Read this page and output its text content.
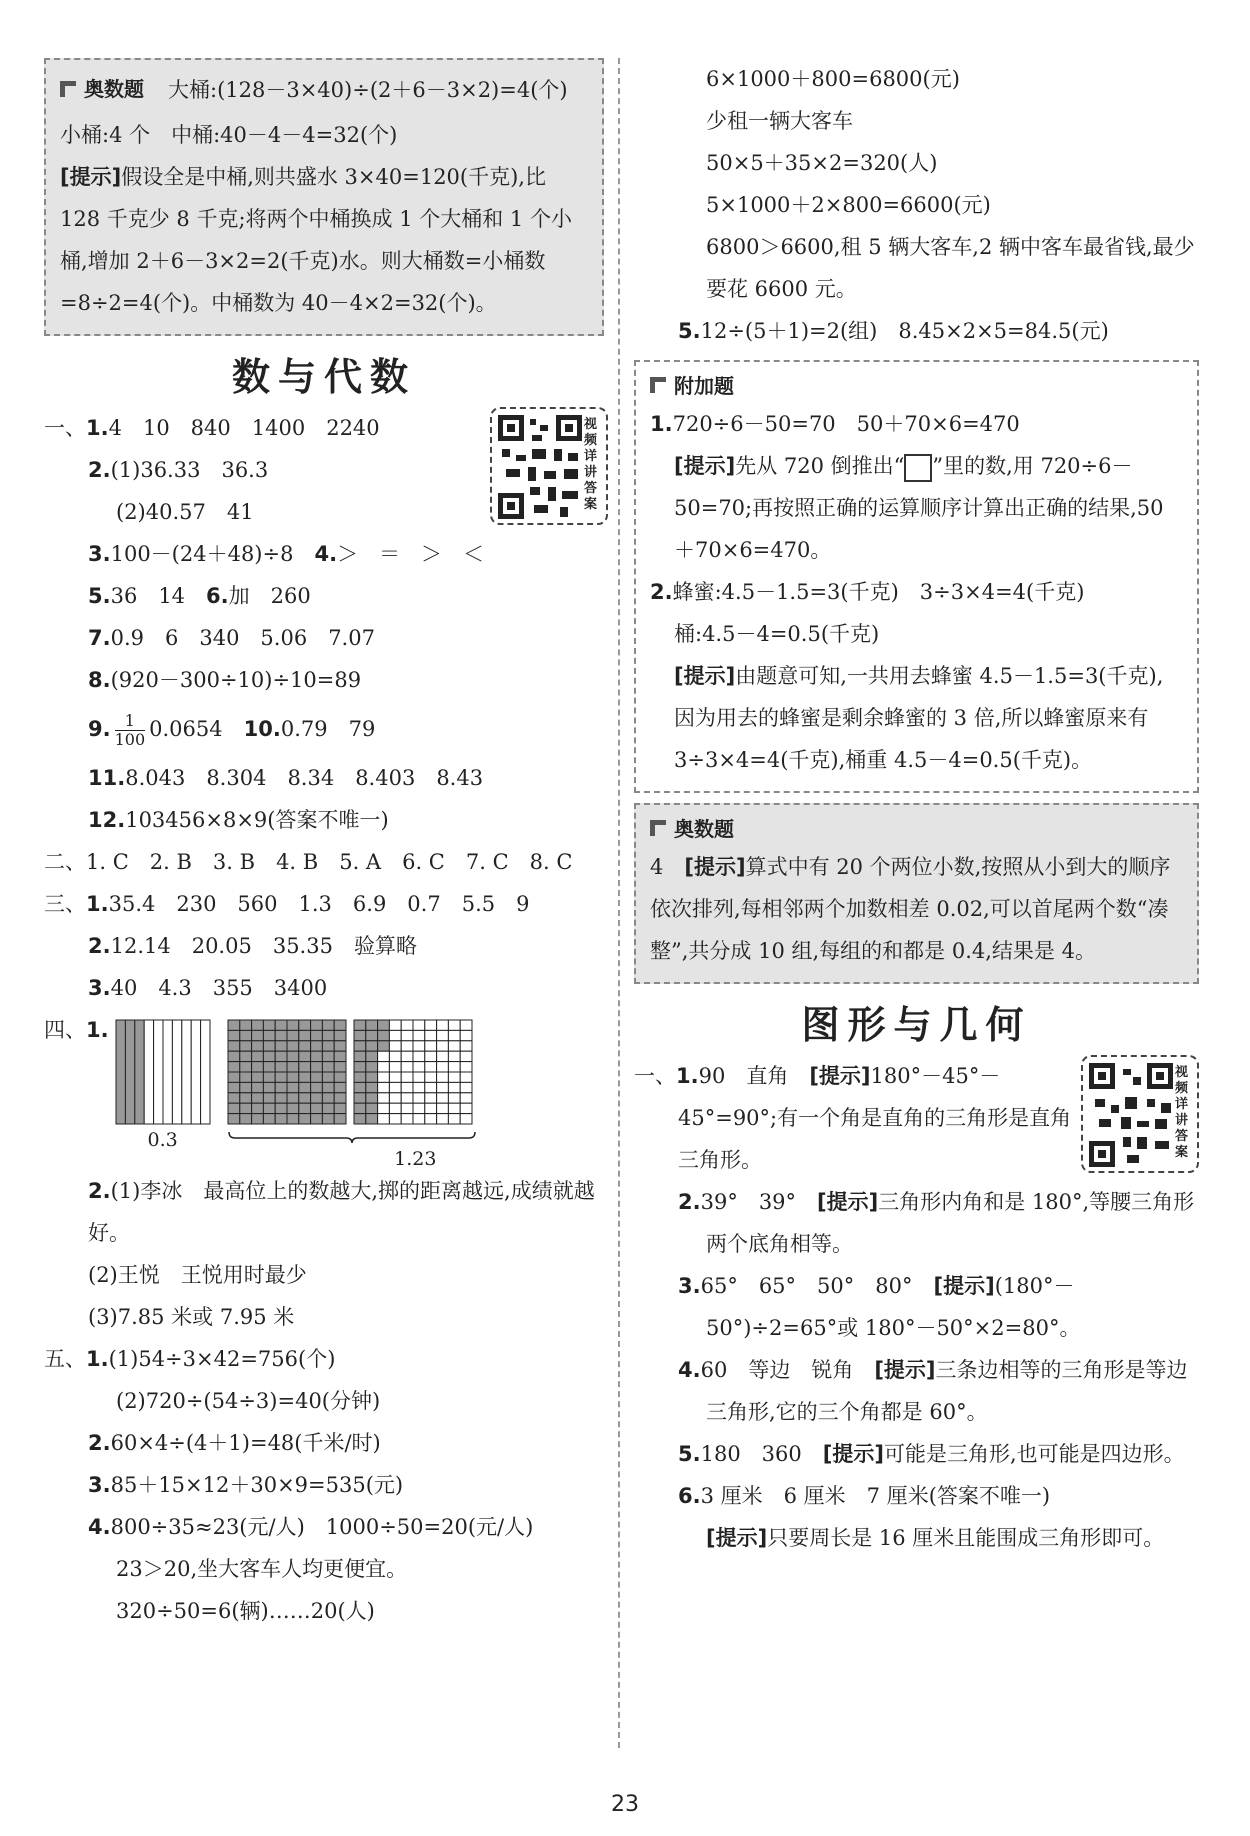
奥数题 大桶:(128－3×40)÷(2＋6－3×2)=4(个)

小桶:4 个　中桶:40－4－4=32(个)

[提示]假设全是中桶,则共盛水 3×40=120(千克),比 128 千克少 8 千克;将两个中桶换成 1 个大桶和 1 个小桶,增加 2＋6－3×2=2(千克)水。则大桶数=小桶数=8÷2=4(个)。中桶数为 40－4×2=32(个)。

数与代数
视频详讲答案
一、1.4　10　840　1400　2240
2.(1)36.33　36.3
(2)40.57　41
3.100－(24＋48)÷8　4.＞　＝　＞　＜
5.36　14　6.加　260
7.0.9　6　340　5.06　7.07
8.(920－300÷10)÷10=89
9. $\frac{1}{100} 0.0654$　10.0.79　79
11.8.043　8.304　8.34　8.403　8.43
12.103456×8×9(答案不唯一)
二、1. C　2. B　3. B　4. B　5. A　6. C　7. C　8. C
三、1.35.4　230　560　1.3　6.9　0.7　5.5　9
2.12.14　20.05　35.35　验算略
3.40　4.3　355　3400
四、1.
0.3

1.23
2.(1)李冰　最高位上的数越大,掷的距离越远,成绩就越好。
(2)王悦　王悦用时最少
(3)7.85 米或 7.95 米
五、1.(1)54÷3×42=756(个)
(2)720÷(54÷3)=40(分钟)
2.60×4÷(4＋1)=48(千米/时)
3.85＋15×12＋30×9=535(元)
4.800÷35≈23(元/人)　1000÷50=20(元/人)
23＞20,坐大客车人均更便宜。
320÷50=6(辆)……20(人)
6×1000＋800=6800(元)
少租一辆大客车
50×5＋35×2=320(人)
5×1000＋2×800=6600(元)

6800＞6600,租 5 辆大客车,2 辆中客车最省钱,最少要花 6600 元。

5.12÷(5＋1)=2(组)　8.45×2×5=84.5(元)
附加题
1.720÷6－50=70　50＋70×6=470

[提示]先从 720 倒推出“ ”里的数,用 720÷6－50=70;再按照正确的运算顺序计算出正确的结果,50＋70×6=470。

2.蜂蜜:4.5－1.5=3(千克)　3÷3×4=4(千克)
桶:4.5－4=0.5(千克)

[提示]由题意可知,一共用去蜂蜜 4.5－1.5=3(千克),因为用去的蜂蜜是剩余蜂蜜的 3 倍,所以蜂蜜原来有 3÷3×4=4(千克),桶重 4.5－4=0.5(千克)。

奥数题

4　[提示]算式中有 20 个两位小数,按照从小到大的顺序依次排列,每相邻两个加数相差 0.02,可以首尾两个数“凑整”,共分成 10 组,每组的和都是 0.4,结果是 4。

图形与几何
视频详讲答案

一、1.90　直角　[提示]180°－45°－45°=90°;有一个角是直角的三角形是直角三角形。

2.39°　39°　[提示]三角形内角和是 180°,等腰三角形两个底角相等。

3.65°　65°　50°　80°　[提示](180°－50°)÷2=65°或 180°－50°×2=80°。

4.60　等边　锐角　[提示]三条边相等的三角形是等边三角形,它的三个角都是 60°。

5.180　360　[提示]可能是三角形,也可能是四边形。

6.3 厘米　6 厘米　7 厘米(答案不唯一)

[提示]只要周长是 16 厘米且能围成三角形即可。

23
